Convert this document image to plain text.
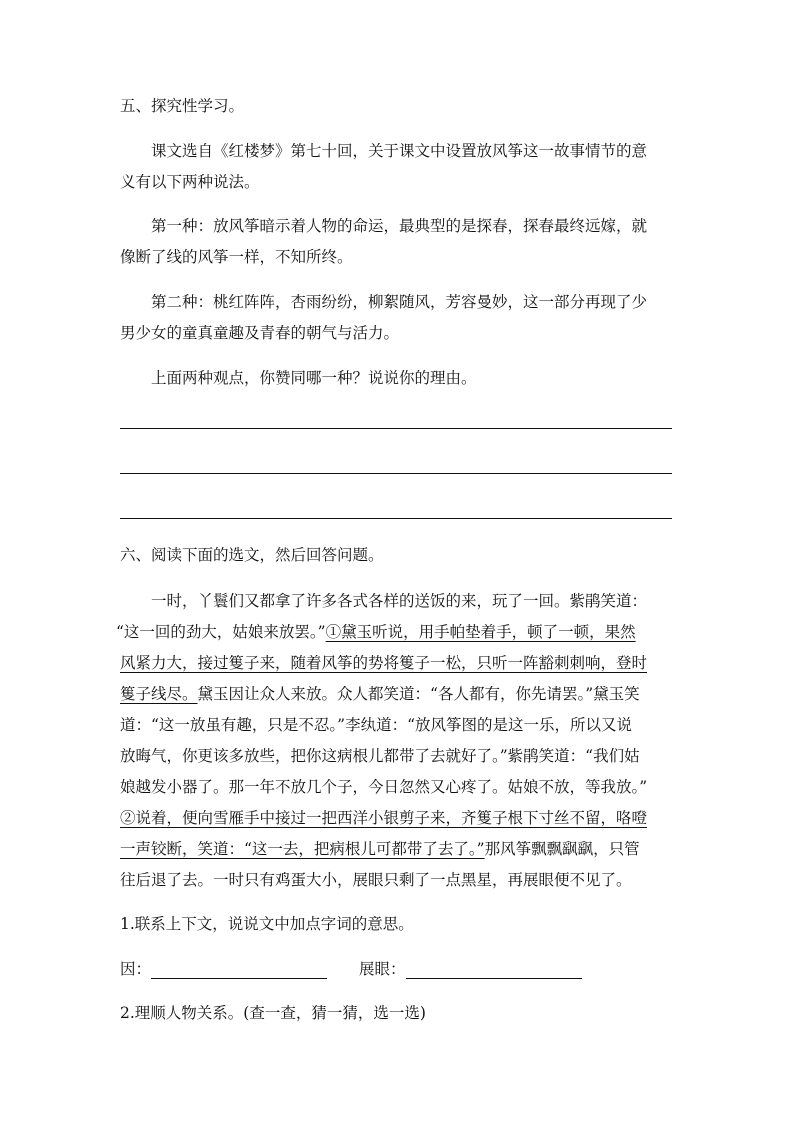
五、探究性学习。
课文选自《红楼梦》第七十回，关于课文中设置放风筝这一故事情节的意
义有以下两种说法。
第一种：放风筝暗示着人物的命运，最典型的是探春，探春最终远嫁，就
像断了线的风筝一样，不知所终。
第二种：桃红阵阵，杏雨纷纷，柳絮随风，芳容曼妙，这一部分再现了少
男少女的童真童趣及青春的朝气与活力。
上面两种观点，你赞同哪一种？说说你的理由。
六、阅读下面的选文，然后回答问题。
一时，丫鬟们又都拿了许多各式各样的送饭的来，玩了一回。紫鹃笑道：
“这一回的劲大，姑娘来放罢。”①黛玉听说，用手帕垫着手，顿了一顿，果然
风紧力大，接过篗子来，随着风筝的势将篗子一松，只听一阵豁刺刺响，登时
篗子线尽。黛玉因让众人来放。众人都笑道：“各人都有，你先请罢。”黛玉笑
道：“这一放虽有趣，只是不忍。”李纨道：“放风筝图的是这一乐，所以又说
放晦气，你更该多放些，把你这病根儿都带了去就好了。”紫鹃笑道：“我们姑
娘越发小器了。那一年不放几个子，今日忽然又心疼了。姑娘不放，等我放。”
②说着，便向雪雁手中接过一把西洋小银剪子来，齐篗子根下寸丝不留，咯噔
一声铰断，笑道：“这一去，把病根儿可都带了去了。”那风筝飘飘飖飖，只管
往后退了去。一时只有鸡蛋大小，展眼只剩了一点黑星，再展眼便不见了。
1.联系上下文，说说文中加点字词的意思。
因：	展眼：
2.理顺人物关系。(查一查，猜一猜，选一选)
